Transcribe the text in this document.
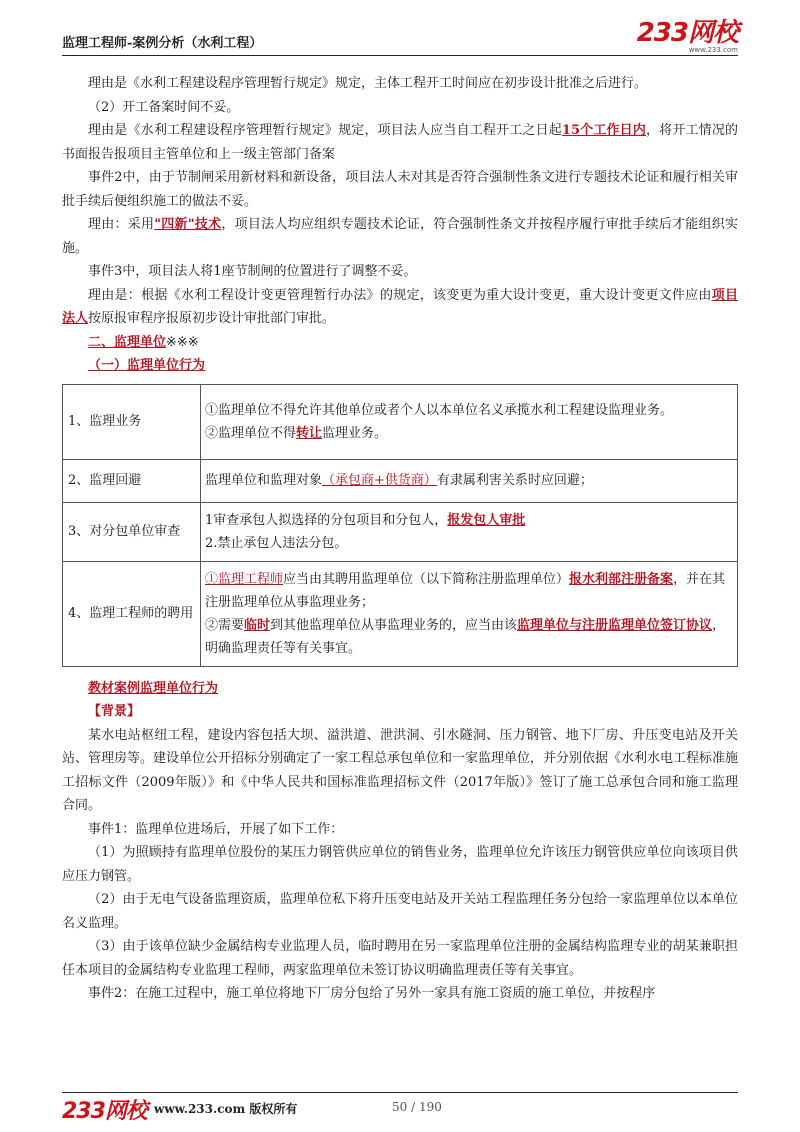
监理工程师-案例分析（水利工程）	233网校
www.233.com

理由是《水利工程建设程序管理暂行规定》规定，主体工程开工时间应在初步设计批准之后进行。

（2）开工备案时间不妥。

理由是《水利工程建设程序管理暂行规定》规定，项目法人应当自工程开工之日起15个工作日内，将开工情况的书面报告报项目主管单位和上一级主管部门备案

事件2中，由于节制闸采用新材料和新设备，项目法人未对其是否符合强制性条文进行专题技术论证和履行相关审批手续后便组织施工的做法不妥。

理由：采用"四新"技术，项目法人均应组织专题技术论证，符合强制性条文并按程序履行审批手续后才能组织实施。

事件3中，项目法人将1座节制闸的位置进行了调整不妥。

理由是：根据《水利工程设计变更管理暂行办法》的规定，该变更为重大设计变更，重大设计变更文件应由项目法人按原报审程序报原初步设计审批部门审批。

二、监理单位※※※

（一）监理单位行为

1、监理业务	①监理单位不得允许其他单位或者个人以本单位名义承揽水利工程建设监理业务。
②监理单位不得转让监理业务。

2、监理回避	监理单位和监理对象（承包商+供货商）有隶属利害关系时应回避；
3、对分包单位审查	1审查承包人拟选择的分包项目和分包人，报发包人审批
2.禁止承包人违法分包。

4、监理工程师的聘用	①监理工程师应当由其聘用监理单位（以下简称注册监理单位）报水利部注册备案，并在其注册监理单位从事监理业务；
②需要临时到其他监理单位从事监理业务的，应当由该监理单位与注册监理单位签订协议，明确监理责任等有关事宜。

教材案例监理单位行为

【背景】

某水电站枢纽工程，建设内容包括大坝、溢洪道、泄洪洞、引水隧洞、压力钢管、地下厂房、升压变电站及开关站、管理房等。建设单位公开招标分别确定了一家工程总承包单位和一家监理单位，并分别依据《水利水电工程标准施工招标文件（2009年版）》和《中华人民共和国标准监理招标文件（2017年版）》签订了施工总承包合同和施工监理合同。

事件1：监理单位进场后，开展了如下工作：

（1）为照顾持有监理单位股份的某压力钢管供应单位的销售业务，监理单位允许该压力钢管供应单位向该项目供应压力钢管。

（2）由于无电气设备监理资质，监理单位私下将升压变电站及开关站工程监理任务分包给一家监理单位以本单位名义监理。

（3）由于该单位缺少金属结构专业监理人员，临时聘用在另一家监理单位注册的金属结构监理专业的胡某兼职担任本项目的金属结构专业监理工程师，两家监理单位未签订协议明确监理责任等有关事宜。

事件2：在施工过程中，施工单位将地下厂房分包给了另外一家具有施工资质的施工单位，并按程序

233网校 www.233.com 版权所有	50 / 190
